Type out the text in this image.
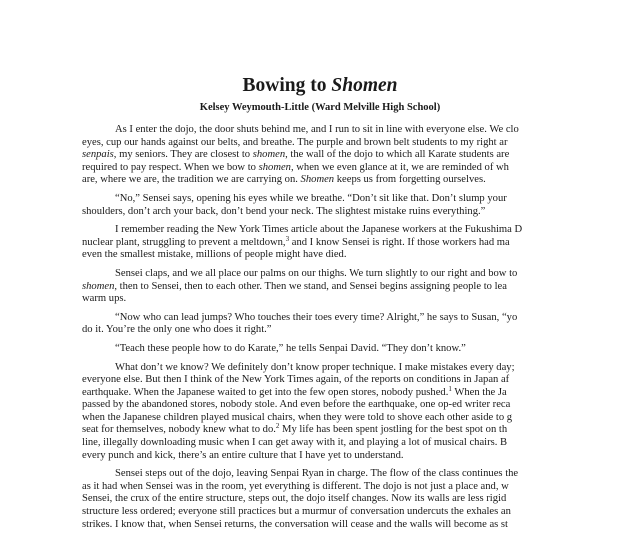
Bowing to Shomen
Kelsey Weymouth-Little (Ward Melville High School)
As I enter the dojo, the door shuts behind me, and I run to sit in line with everyone else. We clo
eyes, cup our hands against our belts, and breathe. The purple and brown belt students to my right ar
senpais, my seniors. They are closest to shomen, the wall of the dojo to which all Karate students are
required to pay respect. When we bow to shomen, when we even glance at it, we are reminded of wh
are, where we are, the tradition we are carrying on. Shomen keeps us from forgetting ourselves.
“No,” Sensei says, opening his eyes while we breathe. “Don’t sit like that. Don’t slump your
shoulders, don’t arch your back, don’t bend your neck. The slightest mistake ruins everything.”
I remember reading the New York Times article about the Japanese workers at the Fukushima D
nuclear plant, struggling to prevent a meltdown,$^3$ and I know Sensei is right. If those workers had ma
even the smallest mistake, millions of people might have died.
Sensei claps, and we all place our palms on our thighs. We turn slightly to our right and bow to
shomen, then to Sensei, then to each other. Then we stand, and Sensei begins assigning people to lea
warm ups.
“Now who can lead jumps? Who touches their toes every time? Alright,” he says to Susan, “yo
do it. You’re the only one who does it right.”
“Teach these people how to do Karate,” he tells Senpai David. “They don’t know.”
What don’t we know? We definitely don’t know proper technique. I make mistakes every day;
everyone else. But then I think of the New York Times again, of the reports on conditions in Japan af
earthquake. When the Japanese waited to get into the few open stores, nobody pushed.$^1$ When the Ja
passed by the abandoned stores, nobody stole. And even before the earthquake, one op-ed writer reca
when the Japanese children played musical chairs, when they were told to shove each other aside to g
seat for themselves, nobody knew what to do.$^2$ My life has been spent jostling for the best spot on th
line, illegally downloading music when I can get away with it, and playing a lot of musical chairs. B
every punch and kick, there’s an entire culture that I have yet to understand.
Sensei steps out of the dojo, leaving Senpai Ryan in charge. The flow of the class continues the
as it had when Sensei was in the room, yet everything is different. The dojo is not just a place and, w
Sensei, the crux of the entire structure, steps out, the dojo itself changes. Now its walls are less rigid
structure less ordered; everyone still practices but a murmur of conversation undercuts the exhales an
strikes. I know that, when Sensei returns, the conversation will cease and the walls will become as st
